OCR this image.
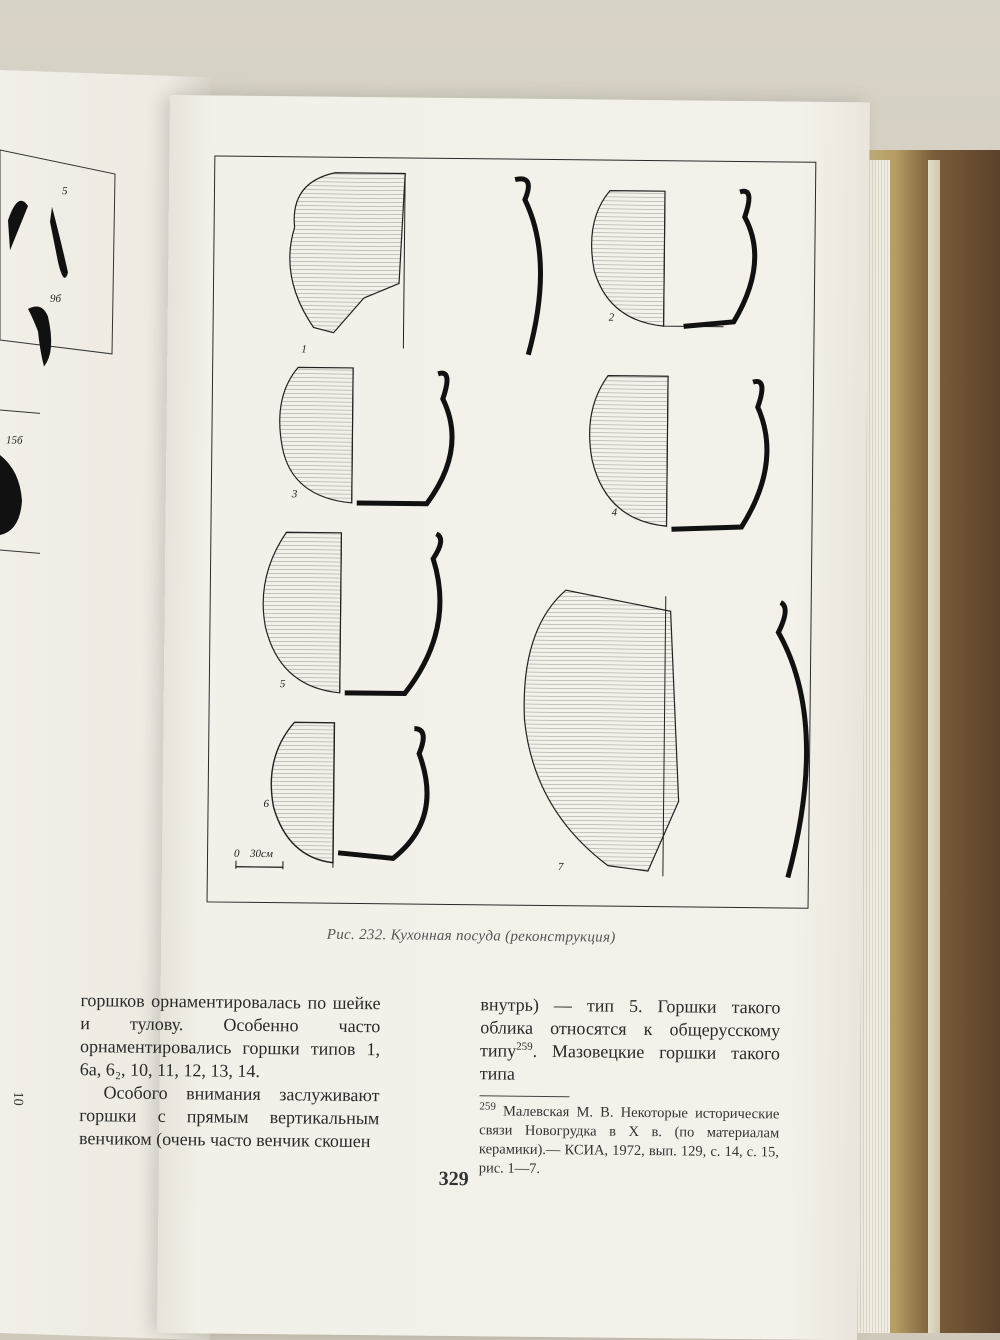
5
9б
15б
10
1
2
3
4
5
6
7
0 30см
Рис. 232. Кухонная посуда (реконструкция)

горшков орнаментировалась по шейке и тулову. Особенно часто орнаментировались горшки типов 1, 6а, 6₂, 10, 11, 12, 13, 14.

Особого внимания заслуживают горшки с прямым вертикальным венчиком (очень часто венчик скошен

внутрь) — тип 5. Горшки такого облика относятся к общерусскому типу$^{259}$. Мазовецкие горшки такого типа

$^{259}$ Малевская М. В. Некоторые исторические связи Новогрудка в X в. (по материалам керамики).— КСИА, 1972, вып. 129, с. 14, с. 15, рис. 1—7.

329
